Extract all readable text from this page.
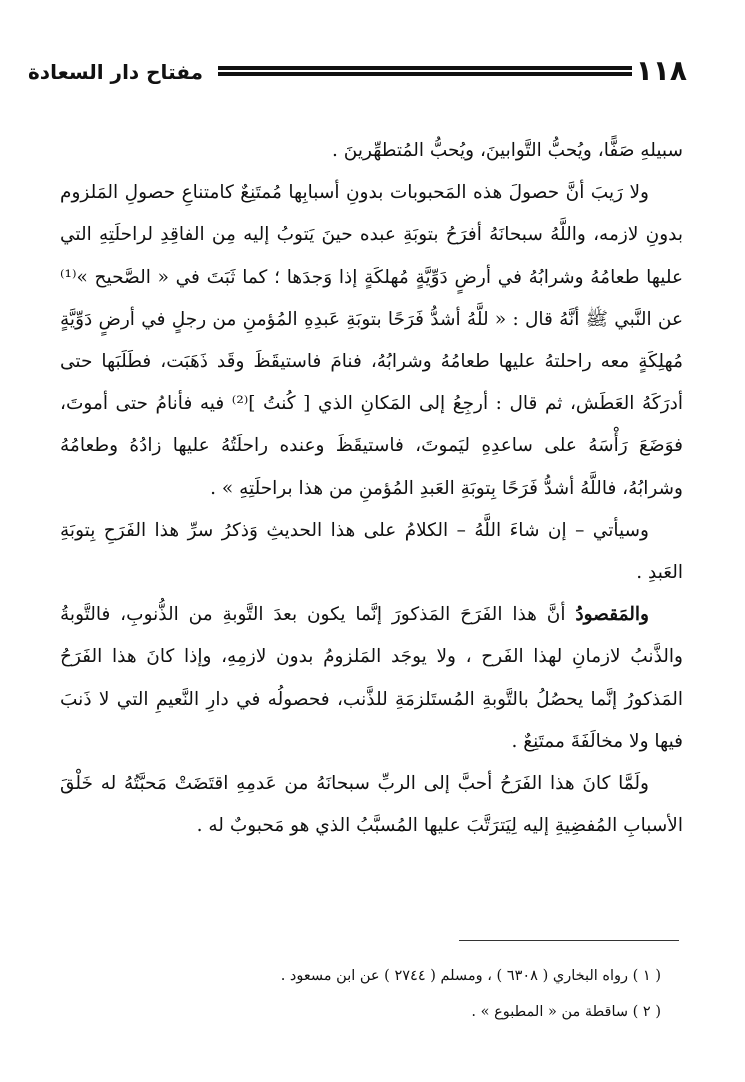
مفتاح دار السعادة	١١٨

سبيلهِ صَفًّا، ويُحبُّ التَّوابينَ، ويُحبُّ المُتطهِّرينَ .

ولا رَيبَ أنَّ حصولَ هذه المَحبوبات بدونِ أسبابِها مُمتَنِعٌ كامتناعِ حصولِ المَلزوم بدونِ لازمه، واللَّهُ سبحانَهُ أفرَحُ بتوبَةِ عبده حينَ يَتوبُ إليه مِن الفاقِدِ لراحلَتِهِ التي عليها طعامُهُ وشرابُهُ في أرضٍ دَوِّيَّةٍ مُهلكَةٍ إذا وَجدَها ؛ كما ثَبَتَ في « الصَّحيح »⁽¹⁾ عن النَّبي ﷺ أنَّهُ قال : « للَّهُ أشدُّ فَرَحًا بتوبَةِ عَبدِهِ المُؤمنِ من رجلٍ في أرضٍ دَوِّيَّةٍ مُهلِكَةٍ معه راحلتهُ عليها طعامُهُ وشرابُهُ، فنامَ فاستيقَظَ وقَد ذَهَبَت، فطَلَبَها حتى أدرَكَهُ العَطَش، ثم قال : أرجِعُ إلى المَكانِ الذي [ كُنتُ ]⁽²⁾ فيه فأنامُ حتى أموتَ، فوَضَعَ رَأْسَهُ على ساعدِهِ ليَموتَ، فاستيقَظَ وعنده راحلَتُهُ عليها زادُهُ وطعامُهُ وشرابُهُ، فاللَّهُ أشدُّ فَرَحًا بِتوبَةِ العَبدِ المُؤمنِ من هذا براحلَتِهِ » .

وسيأتي – إن شاءَ اللَّهُ – الكلامُ على هذا الحديثِ وَذكرُ سرِّ هذا الفَرَحِ بِتوبَةِ العَبدِ .

والمَقصودُ أنَّ هذا الفَرَحَ المَذكورَ إنَّما يكون بعدَ التَّوبةِ من الذُّنوبِ، فالتَّوبةُ والذَّنبُ لازمانِ لهذا الفَرح ، ولا يوجَد المَلزومُ بدون لازمِهِ، وإذا كانَ هذا الفَرَحُ المَذكورُ إنَّما يحصُلُ بالتَّوبةِ المُستَلزمَةِ للذَّنب، فحصولُه في دارِ النَّعيمِ التي لا ذَنبَ فيها ولا مخالَفَةَ ممتَنِعٌ .

ولَمَّا كانَ هذا الفَرَحُ أحبَّ إلى الربِّ سبحانَهُ من عَدمِهِ اقتَضَتْ مَحبَّتُهُ له خَلْقَ الأسبابِ المُفضِيةِ إليه لِيَترَتَّبَ عليها المُسبَّبُ الذي هو مَحبوبٌ له .

( ١ ) رواه البخاري ( ٦٣٠٨ ) ، ومسلم ( ٢٧٤٤ ) عن ابن مسعود .

( ٢ ) ساقطة من « المطبوع » .
